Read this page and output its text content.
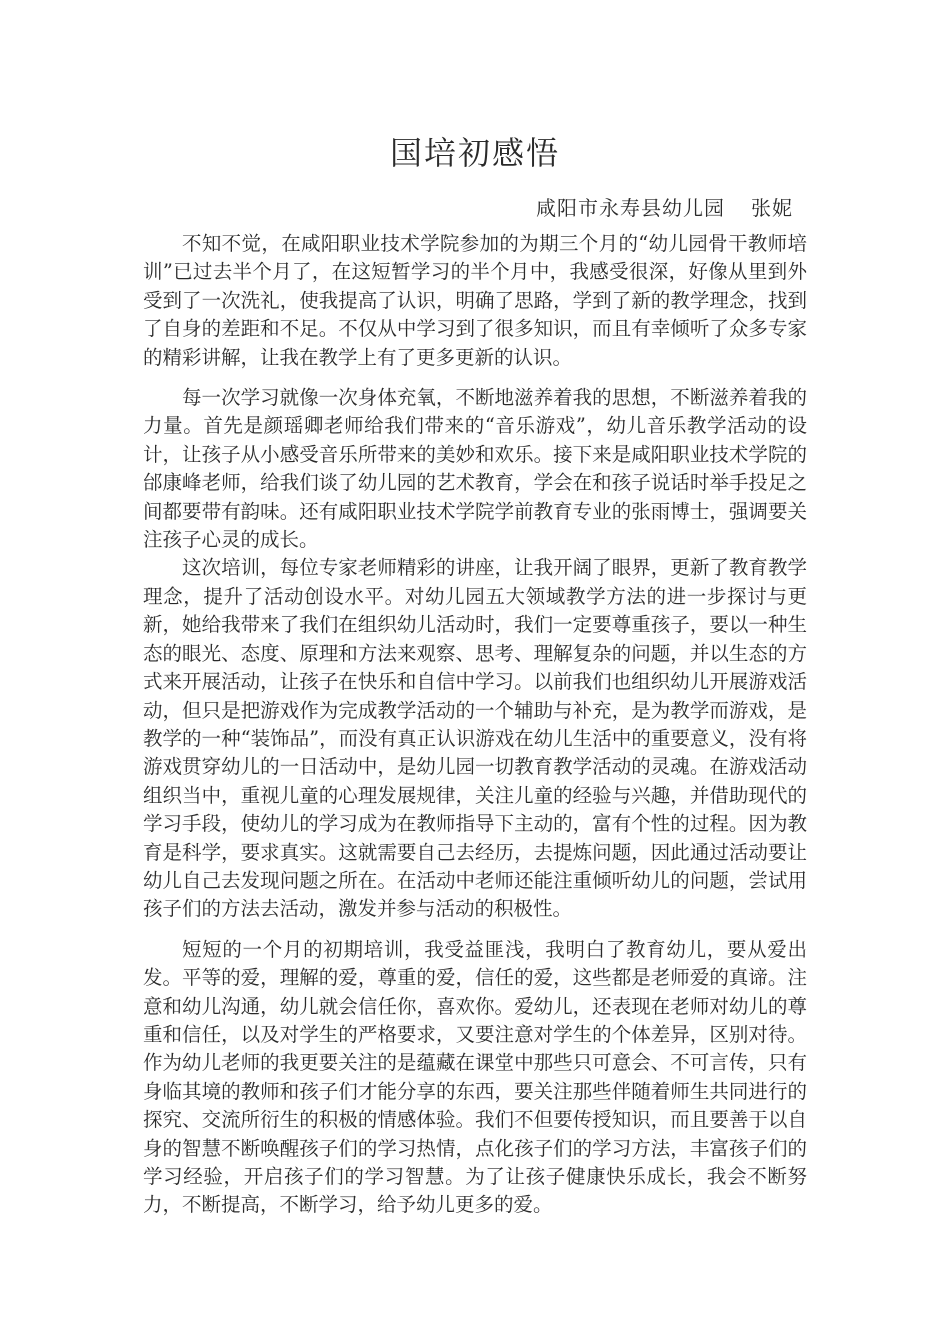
国培初感悟
咸阳市永寿县幼儿园 张妮

不知不觉，在咸阳职业技术学院参加的为期三个月的“幼儿园骨干教师培训”已过去半个月了，在这短暂学习的半个月中，我感受很深，好像从里到外受到了一次洗礼，使我提高了认识，明确了思路，学到了新的教学理念，找到了自身的差距和不足。不仅从中学习到了很多知识，而且有幸倾听了众多专家的精彩讲解，让我在教学上有了更多更新的认识。

每一次学习就像一次身体充氧，不断地滋养着我的思想，不断滋养着我的力量。首先是颜瑶卿老师给我们带来的“音乐游戏”，幼儿音乐教学活动的设计，让孩子从小感受音乐所带来的美妙和欢乐。接下来是咸阳职业技术学院的邰康峰老师，给我们谈了幼儿园的艺术教育，学会在和孩子说话时举手投足之间都要带有韵味。还有咸阳职业技术学院学前教育专业的张雨博士，强调要关注孩子心灵的成长。

这次培训，每位专家老师精彩的讲座，让我开阔了眼界，更新了教育教学理念，提升了活动创设水平。对幼儿园五大领域教学方法的进一步探讨与更新，她给我带来了我们在组织幼儿活动时，我们一定要尊重孩子，要以一种生态的眼光、态度、原理和方法来观察、思考、理解复杂的问题，并以生态的方式来开展活动，让孩子在快乐和自信中学习。以前我们也组织幼儿开展游戏活动，但只是把游戏作为完成教学活动的一个辅助与补充，是为教学而游戏，是教学的一种“装饰品”，而没有真正认识游戏在幼儿生活中的重要意义，没有将游戏贯穿幼儿的一日活动中，是幼儿园一切教育教学活动的灵魂。在游戏活动组织当中，重视儿童的心理发展规律，关注儿童的经验与兴趣，并借助现代的学习手段，使幼儿的学习成为在教师指导下主动的，富有个性的过程。因为教育是科学，要求真实。这就需要自己去经历，去提炼问题，因此通过活动要让幼儿自己去发现问题之所在。在活动中老师还能注重倾听幼儿的问题，尝试用孩子们的方法去活动，激发并参与活动的积极性。

短短的一个月的初期培训，我受益匪浅，我明白了教育幼儿，要从爱出发。平等的爱，理解的爱，尊重的爱，信任的爱，这些都是老师爱的真谛。注意和幼儿沟通，幼儿就会信任你，喜欢你。爱幼儿，还表现在老师对幼儿的尊重和信任，以及对学生的严格要求，又要注意对学生的个体差异，区别对待。作为幼儿老师的我更要关注的是蕴藏在课堂中那些只可意会、不可言传，只有身临其境的教师和孩子们才能分享的东西，要关注那些伴随着师生共同进行的探究、交流所衍生的积极的情感体验。我们不但要传授知识，而且要善于以自身的智慧不断唤醒孩子们的学习热情，点化孩子们的学习方法，丰富孩子们的学习经验，开启孩子们的学习智慧。为了让孩子健康快乐成长，我会不断努力，不断提高，不断学习，给予幼儿更多的爱。
